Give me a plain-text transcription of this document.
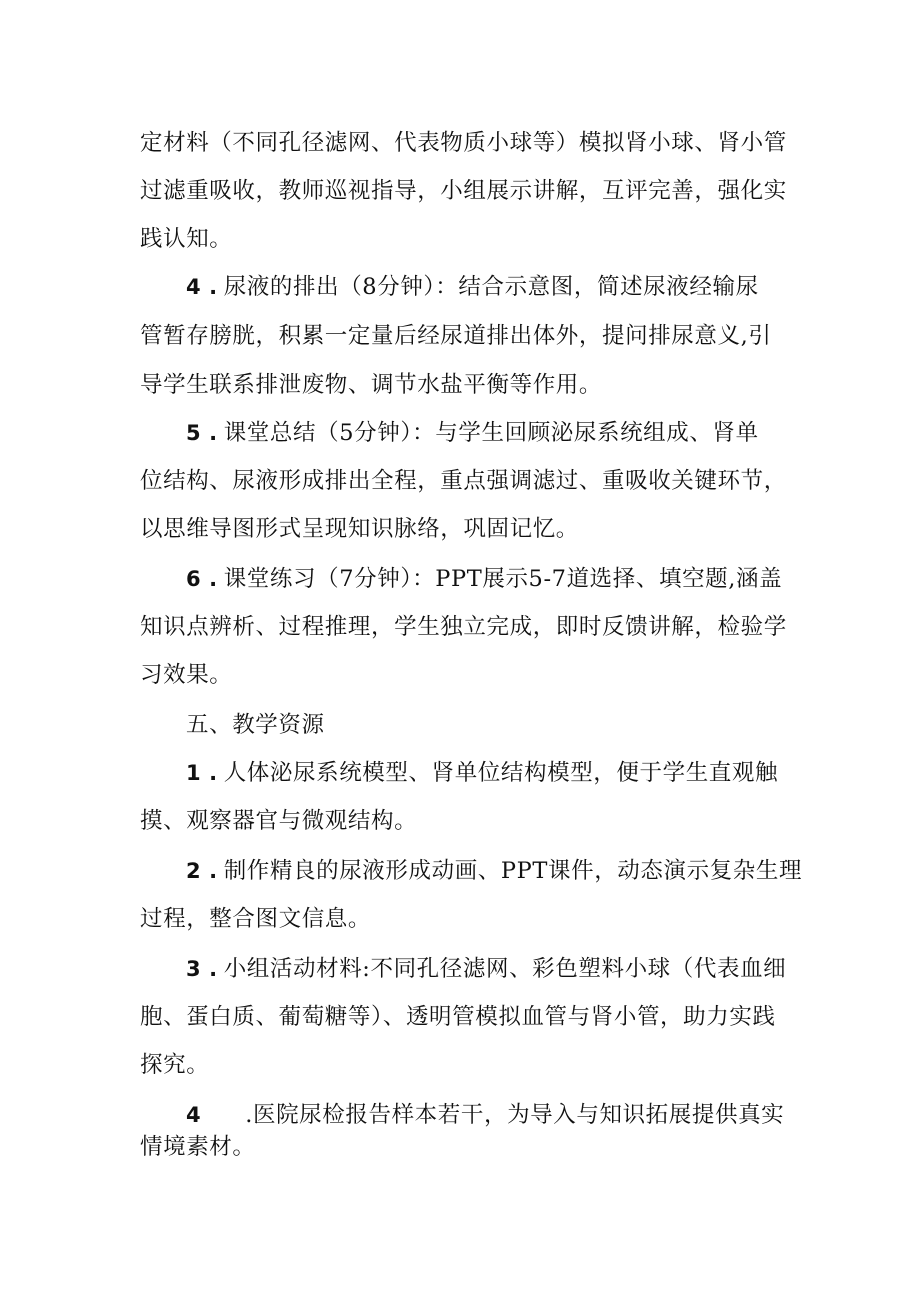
定材料（不同孔径滤网、代表物质小球等）模拟肾小球、肾小管
过滤重吸收，教师巡视指导，小组展示讲解，互评完善，强化实
践认知。
4 . 尿液的排出（8分钟）：结合示意图，简述尿液经输尿
管暂存膀胱，积累一定量后经尿道排出体外，提问排尿意义,引
导学生联系排泄废物、调节水盐平衡等作用。
5 . 课堂总结（5分钟）：与学生回顾泌尿系统组成、肾单
位结构、尿液形成排出全程，重点强调滤过、重吸收关键环节，
以思维导图形式呈现知识脉络，巩固记忆。
6 . 课堂练习（7分钟）：PPT展示5-7道选择、填空题,涵盖
知识点辨析、过程推理，学生独立完成，即时反馈讲解，检验学
习效果。
五、教学资源
1 . 人体泌尿系统模型、肾单位结构模型，便于学生直观触
摸、观察器官与微观结构。
2 . 制作精良的尿液形成动画、PPT课件，动态演示复杂生理
过程，整合图文信息。
3 . 小组活动材料:不同孔径滤网、彩色塑料小球（代表血细
胞、蛋白质、葡萄糖等）、透明管模拟血管与肾小管，助力实践
探究。
4 .医院尿检报告样本若干，为导入与知识拓展提供真实
情境素材。
